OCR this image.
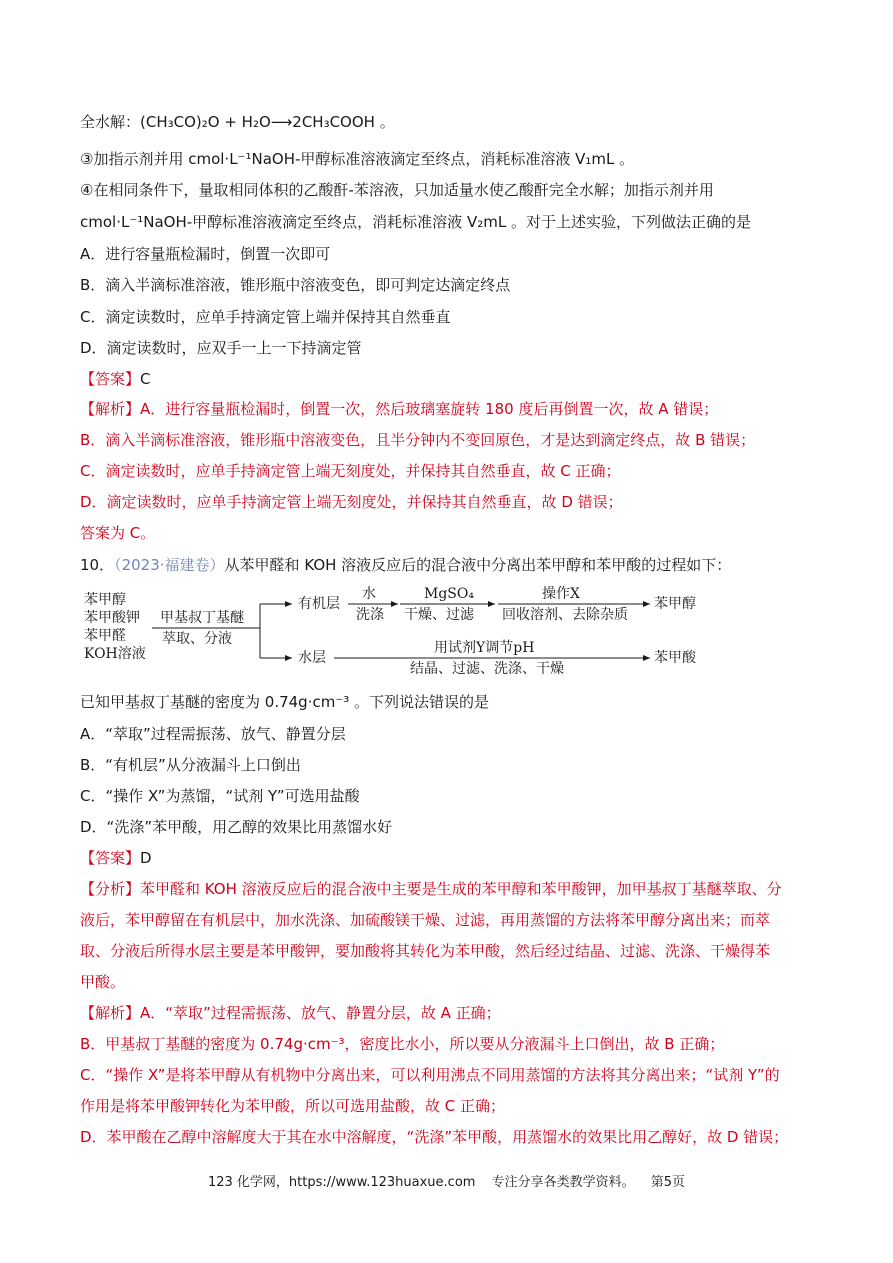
全水解：(CH₃CO)₂O + H₂O⟶2CH₃COOH 。
③加指示剂并用 cmol·L⁻¹NaOH-甲醇标准溶液滴定至终点，消耗标准溶液 V₁mL 。
④在相同条件下，量取相同体积的乙酸酐-苯溶液，只加适量水使乙酸酐完全水解；加指示剂并用
cmol·L⁻¹NaOH-甲醇标准溶液滴定至终点，消耗标准溶液 V₂mL 。对于上述实验，下列做法正确的是
A．进行容量瓶检漏时，倒置一次即可
B．滴入半滴标准溶液，锥形瓶中溶液变色，即可判定达滴定终点
C．滴定读数时，应单手持滴定管上端并保持其自然垂直
D．滴定读数时，应双手一上一下持滴定管
【答案】C
【解析】A．进行容量瓶检漏时，倒置一次，然后玻璃塞旋转 180 度后再倒置一次，故 A 错误；
B．滴入半滴标准溶液，锥形瓶中溶液变色，且半分钟内不变回原色，才是达到滴定终点，故 B 错误；
C．滴定读数时，应单手持滴定管上端无刻度处，并保持其自然垂直，故 C 正确；
D．滴定读数时，应单手持滴定管上端无刻度处，并保持其自然垂直，故 D 错误；
答案为 C。
10．（2023·福建卷）从苯甲醛和 KOH 溶液反应后的混合液中分离出苯甲醇和苯甲酸的过程如下：
苯甲醇
苯甲酸钾
苯甲醛
KOH溶液
甲基叔丁基醚
萃取、分液
有机层
水
洗涤
MgSO₄
干燥、过滤
操作X
回收溶剂、去除杂质
苯甲醇
水层
用试剂Y调节pH
结晶、过滤、洗涤、干燥
苯甲酸
已知甲基叔丁基醚的密度为 0.74g·cm⁻³ 。下列说法错误的是
A．“萃取”过程需振荡、放气、静置分层
B．“有机层”从分液漏斗上口倒出
C．“操作 X”为蒸馏，“试剂 Y”可选用盐酸
D．“洗涤”苯甲酸，用乙醇的效果比用蒸馏水好
【答案】D
【分析】苯甲醛和 KOH 溶液反应后的混合液中主要是生成的苯甲醇和苯甲酸钾，加甲基叔丁基醚萃取、分
液后，苯甲醇留在有机层中，加水洗涤、加硫酸镁干燥、过滤，再用蒸馏的方法将苯甲醇分离出来；而萃
取、分液后所得水层主要是苯甲酸钾，要加酸将其转化为苯甲酸，然后经过结晶、过滤、洗涤、干燥得苯
甲酸。
【解析】A．“萃取”过程需振荡、放气、静置分层，故 A 正确；
B．甲基叔丁基醚的密度为 0.74g·cm⁻³，密度比水小，所以要从分液漏斗上口倒出，故 B 正确；
C．“操作 X”是将苯甲醇从有机物中分离出来，可以利用沸点不同用蒸馏的方法将其分离出来；“试剂 Y”的
作用是将苯甲酸钾转化为苯甲酸，所以可选用盐酸，故 C 正确；
D．苯甲酸在乙醇中溶解度大于其在水中溶解度，“洗涤”苯甲酸，用蒸馏水的效果比用乙醇好，故 D 错误；
123 化学网，https://www.123huaxue.com 专注分享各类教学资料。 第5页
